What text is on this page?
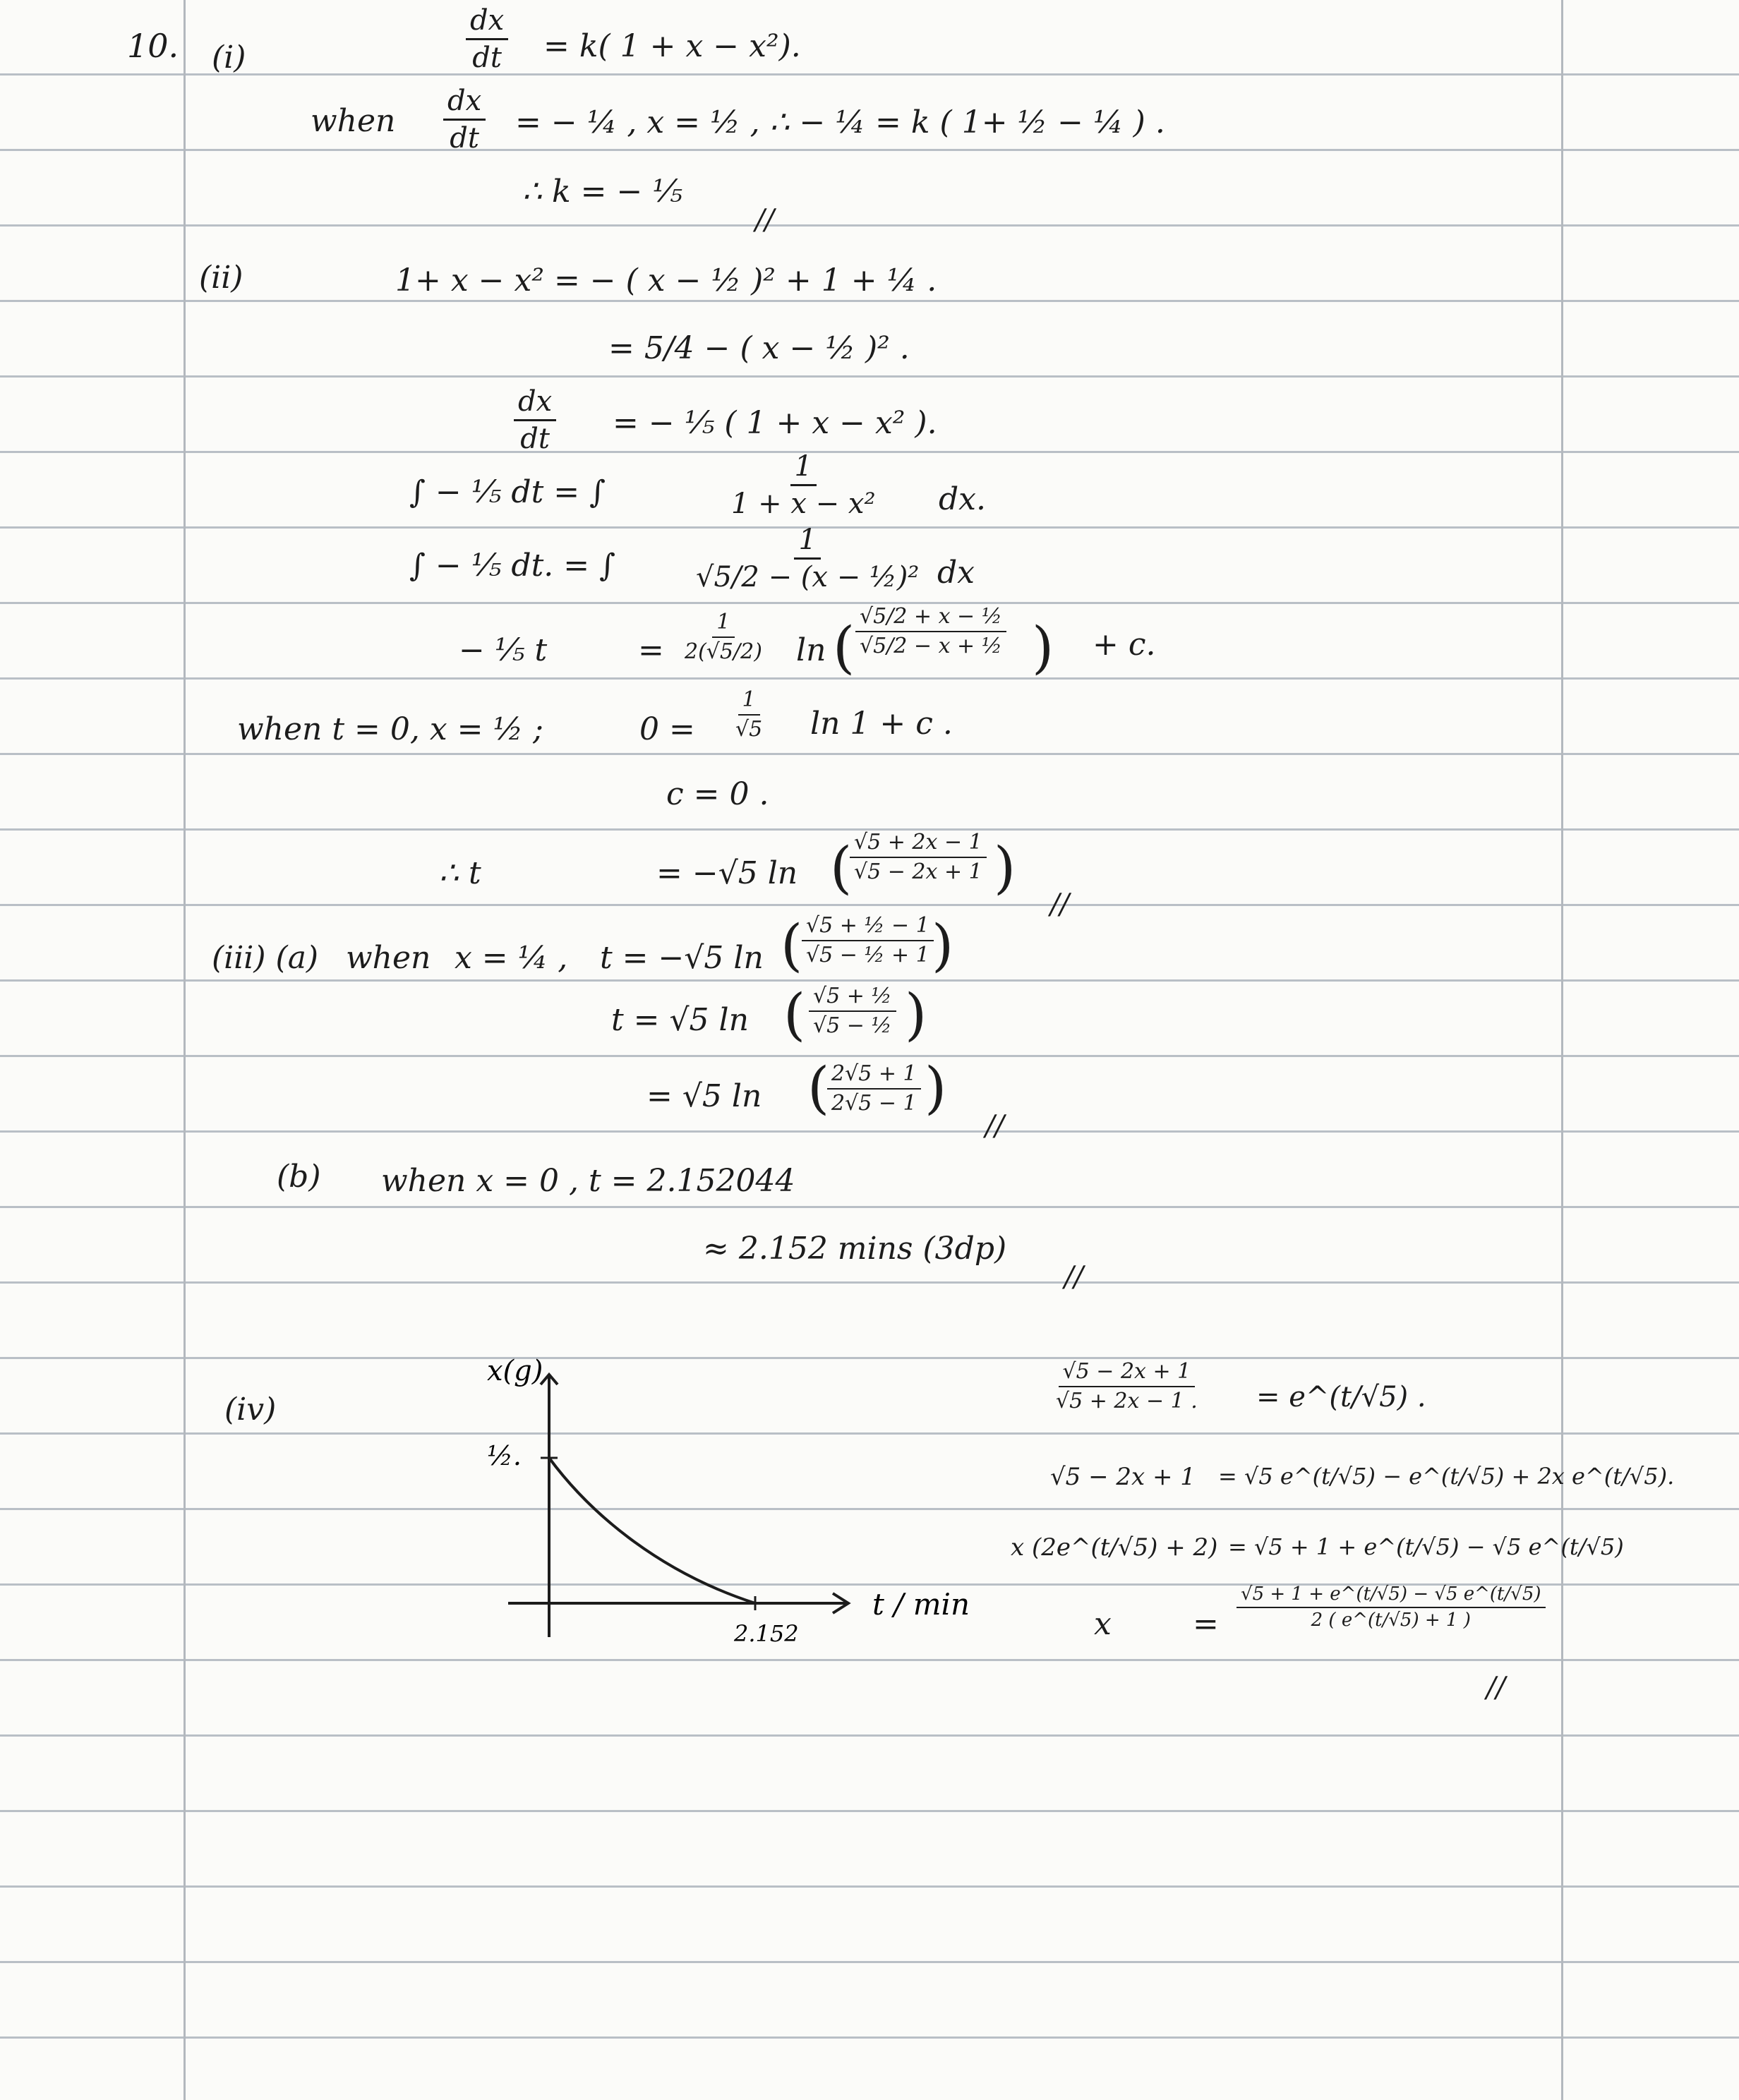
10. (i)	$\frac{dx}{dt} = k$( 1 + x − x²).
when $\frac{dx}{dt}$ = − ¼ , x = ½ , ∴ − ¼ = k ( 1+ ½ − ¼ ) .
∴ k = − ⅕
//
(ii)	1+ x − x² = − ( x − ½ )² + 1 + ¼ .
= 5/4 − ( x − ½ )² .
$\frac{dx}{dt}$ = − ⅕ ( 1 + x − x² ).
∫ − ⅕ dt = ∫	$\frac{1}{\text{1 + x − x²}}$ dx.
∫ − ⅕ dt. = ∫	$\frac{1}{\text{√5/2 − (x − ½)²}}$ dx
− ⅕ t	= $\frac{1}{2(√5/2)}$ ln ( $\frac{\text{√5/2 + x − ½}}{\text{√5/2 − x + ½}}$ ) + c.
when t = 0, x = ½ ;	$0 = \frac{1}{√5}$ ln 1 + c .
c = 0 .
∴ t	= −√5 ln (
$\frac{√5 + 2x - 1}{√5 - 2x + 1}$ )
//
(iii) (a) when x = ¼ , t = −√5 ln (
$\frac{\text{√5 + ½ − 1}}{\text{√5 − ½ + 1}}$
)
t = √5 ln ( $\frac{\text{√5 + ½}}{\text{√5 − ½}}$ )
= √5 ln (
$\frac{2√5 + 1}{2√5 - 1}$ )
//
(b) when x = 0 , t = 2.152044
≈ 2.152 mins (3dp)
//
(iv)
x(g)
½.
2.152
t / min
$\frac{√5 - 2x + 1}{√5 + 2x - 1 .}$ = e^(t/√5) .
√5 − 2x + 1 = √5 e^(t/√5) − e^(t/√5) + 2x e^(t/√5).
x (2e^(t/√5) + 2) = √5 + 1 + e^(t/√5) − √5 e^(t/√5)
x	= $\frac{√5 + 1 + e\^{}(t/√5) - √5 e\^{}(t/√5)}{2 ( e\^{}(t/√5) + 1 )}$
//
